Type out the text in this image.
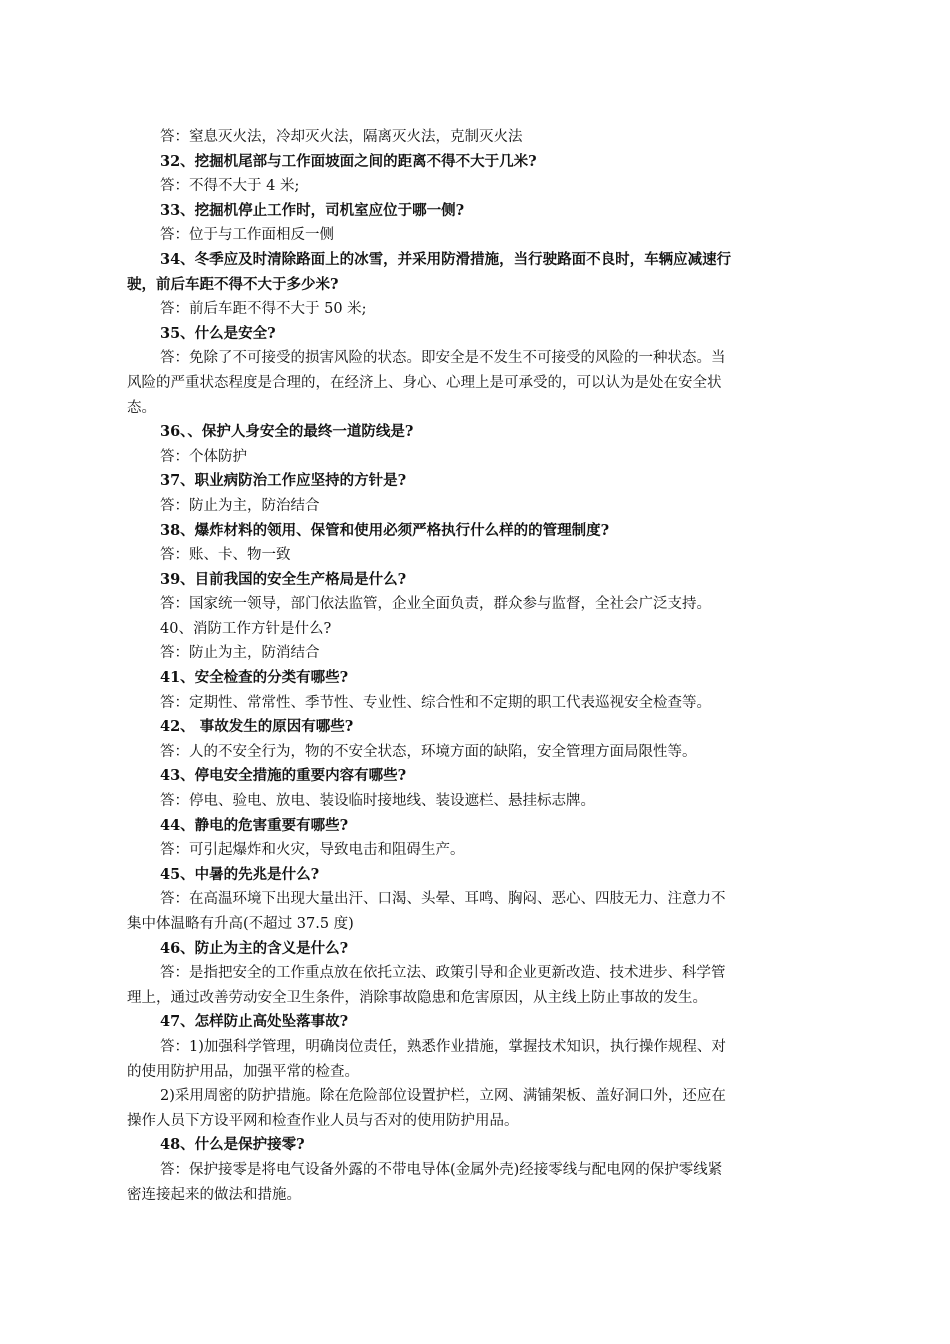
答：窒息灭火法，冷却灭火法，隔离灭火法，克制灭火法
32、挖掘机尾部与工作面坡面之间的距离不得不大于几米?
答：不得不大于 4 米;
33、挖掘机停止工作时，司机室应位于哪一侧?
答：位于与工作面相反一侧
34、冬季应及时清除路面上的冰雪，并采用防滑措施，当行驶路面不良时，车辆应减速行
驶，前后车距不得不大于多少米?
答：前后车距不得不大于 50 米;
35、什么是安全?
答：免除了不可接受的损害风险的状态。即安全是不发生不可接受的风险的一种状态。当
风险的严重状态程度是合理的，在经济上、身心、心理上是可承受的，可以认为是处在安全状
态。
36、、保护人身安全的最终一道防线是?
答：个体防护
37、职业病防治工作应坚持的方针是?
答：防止为主，防治结合
38、爆炸材料的领用、保管和使用必须严格执行什么样的的管理制度?
答：账、卡、物一致
39、目前我国的安全生产格局是什么?
答：国家统一领导，部门依法监管，企业全面负责，群众参与监督，全社会广泛支持。
40、消防工作方针是什么?
答：防止为主，防消结合
41、安全检查的分类有哪些?
答：定期性、常常性、季节性、专业性、综合性和不定期的职工代表巡视安全检查等。
42、 事故发生的原因有哪些?
答：人的不安全行为，物的不安全状态，环境方面的缺陷，安全管理方面局限性等。
43、停电安全措施的重要内容有哪些?
答：停电、验电、放电、装设临时接地线、装设遮栏、悬挂标志牌。
44、静电的危害重要有哪些?
答：可引起爆炸和火灾，导致电击和阻碍生产。
45、中暑的先兆是什么?
答：在高温环境下出现大量出汗、口渴、头晕、耳鸣、胸闷、恶心、四肢无力、注意力不
集中体温略有升高(不超过 37.5 度)
46、防止为主的含义是什么?
答：是指把安全的工作重点放在依托立法、政策引导和企业更新改造、技术进步、科学管
理上，通过改善劳动安全卫生条件，消除事故隐患和危害原因，从主线上防止事故的发生。
47、怎样防止高处坠落事故?
答：1)加强科学管理，明确岗位责任，熟悉作业措施，掌握技术知识，执行操作规程、对
的使用防护用品，加强平常的检查。
2)采用周密的防护措施。除在危险部位设置护栏，立网、满铺架板、盖好洞口外，还应在
操作人员下方设平网和检查作业人员与否对的使用防护用品。
48、什么是保护接零?
答：保护接零是将电气设备外露的不带电导体(金属外壳)经接零线与配电网的保护零线紧
密连接起来的做法和措施。
